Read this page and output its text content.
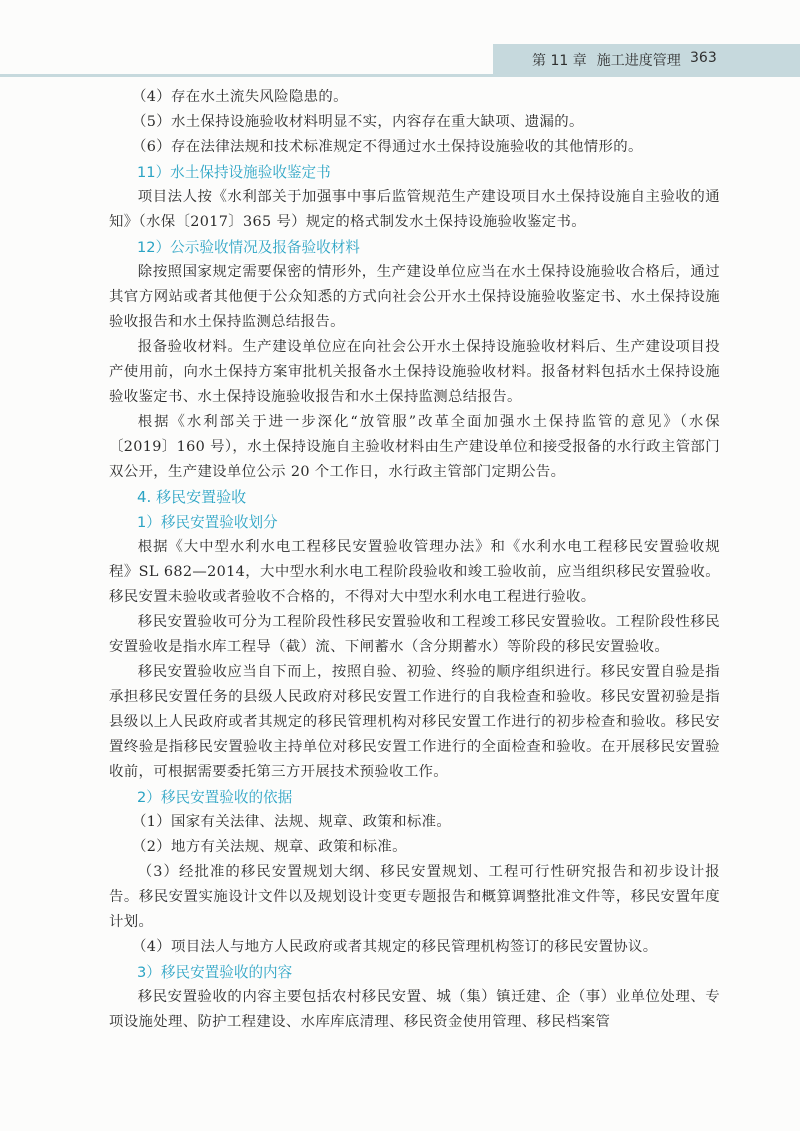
第 11 章 施工进度管理 363

（4）存在水土流失风险隐患的。

（5）水土保持设施验收材料明显不实，内容存在重大缺项、遗漏的。

（6）存在法律法规和技术标准规定不得通过水土保持设施验收的其他情形的。

11）水土保持设施验收鉴定书

项目法人按《水利部关于加强事中事后监管规范生产建设项目水土保持设施自主验收的通知》（水保〔2017〕365 号）规定的格式制发水土保持设施验收鉴定书。

12）公示验收情况及报备验收材料

除按照国家规定需要保密的情形外，生产建设单位应当在水土保持设施验收合格后，通过其官方网站或者其他便于公众知悉的方式向社会公开水土保持设施验收鉴定书、水土保持设施验收报告和水土保持监测总结报告。

报备验收材料。生产建设单位应在向社会公开水土保持设施验收材料后、生产建设项目投产使用前，向水土保持方案审批机关报备水土保持设施验收材料。报备材料包括水土保持设施验收鉴定书、水土保持设施验收报告和水土保持监测总结报告。

根据《水利部关于进一步深化“放管服”改革全面加强水土保持监管的意见》（水保〔2019〕160 号），水土保持设施自主验收材料由生产建设单位和接受报备的水行政主管部门双公开，生产建设单位公示 20 个工作日，水行政主管部门定期公告。

4. 移民安置验收

1）移民安置验收划分

根据《大中型水利水电工程移民安置验收管理办法》和《水利水电工程移民安置验收规程》SL 682—2014，大中型水利水电工程阶段验收和竣工验收前，应当组织移民安置验收。移民安置未验收或者验收不合格的，不得对大中型水利水电工程进行验收。

移民安置验收可分为工程阶段性移民安置验收和工程竣工移民安置验收。工程阶段性移民安置验收是指水库工程导（截）流、下闸蓄水（含分期蓄水）等阶段的移民安置验收。

移民安置验收应当自下而上，按照自验、初验、终验的顺序组织进行。移民安置自验是指承担移民安置任务的县级人民政府对移民安置工作进行的自我检查和验收。移民安置初验是指县级以上人民政府或者其规定的移民管理机构对移民安置工作进行的初步检查和验收。移民安置终验是指移民安置验收主持单位对移民安置工作进行的全面检查和验收。在开展移民安置验收前，可根据需要委托第三方开展技术预验收工作。

2）移民安置验收的依据

（1）国家有关法律、法规、规章、政策和标准。

（2）地方有关法规、规章、政策和标准。

（3）经批准的移民安置规划大纲、移民安置规划、工程可行性研究报告和初步设计报告。移民安置实施设计文件以及规划设计变更专题报告和概算调整批准文件等，移民安置年度计划。

（4）项目法人与地方人民政府或者其规定的移民管理机构签订的移民安置协议。

3）移民安置验收的内容

移民安置验收的内容主要包括农村移民安置、城（集）镇迁建、企（事）业单位处理、专项设施处理、防护工程建设、水库库底清理、移民资金使用管理、移民档案管
